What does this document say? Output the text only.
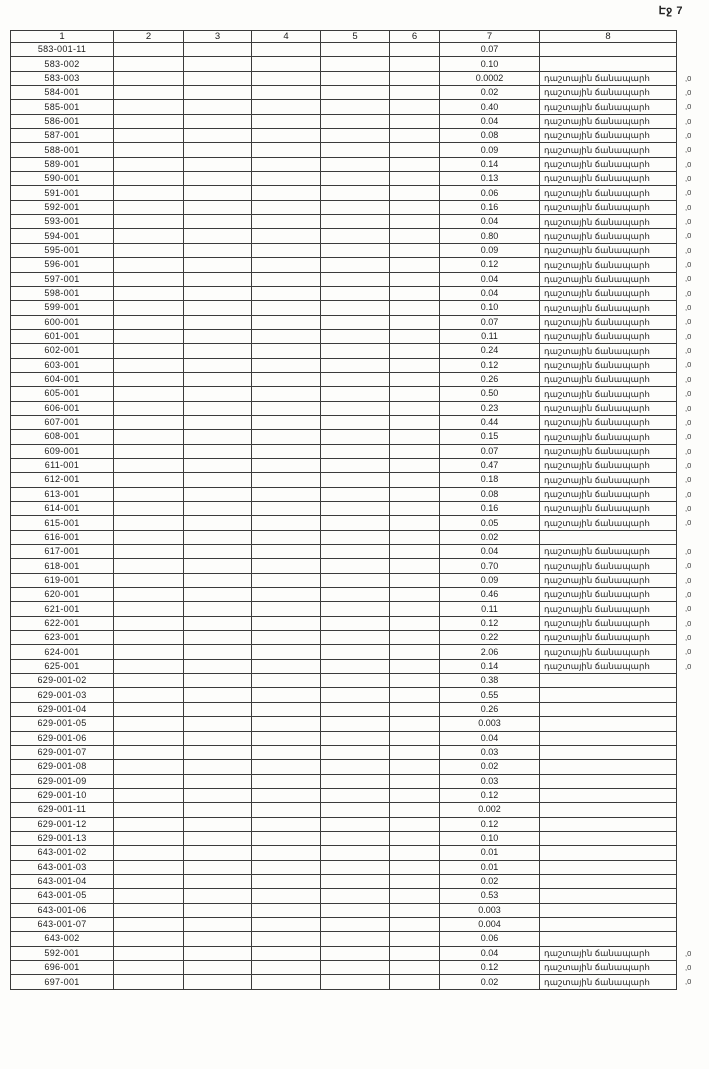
Էջ 7
1	2	3	4	5	6	7	8	
583-001-11						0.07		
583-002						0.10		
583-003						0.0002	դաշտային ճանապարհ	,0
584-001						0.02	դաշտային ճանապարհ	,0
585-001						0.40	դաշտային ճանապարհ	,0
586-001						0.04	դաշտային ճանապարհ	,0
587-001						0.08	դաշտային ճանապարհ	,0
588-001						0.09	դաշտային ճանապարհ	,0
589-001						0.14	դաշտային ճանապարհ	,0
590-001						0.13	դաշտային ճանապարհ	,0
591-001						0.06	դաշտային ճանապարհ	,0
592-001						0.16	դաշտային ճանապարհ	,0
593-001						0.04	դաշտային ճանապարհ	,0
594-001						0.80	դաշտային ճանապարհ	,0
595-001						0.09	դաշտային ճանապարհ	,0
596-001						0.12	դաշտային ճանապարհ	,0
597-001						0.04	դաշտային ճանապարհ	,0
598-001						0.04	դաշտային ճանապարհ	,0
599-001						0.10	դաշտային ճանապարհ	,0
600-001						0.07	դաշտային ճանապարհ	,0
601-001						0.11	դաշտային ճանապարհ	,0
602-001						0.24	դաշտային ճանապարհ	,0
603-001						0.12	դաշտային ճանապարհ	,0
604-001						0.26	դաշտային ճանապարհ	,0
605-001						0.50	դաշտային ճանապարհ	,0
606-001						0.23	դաշտային ճանապարհ	,0
607-001						0.44	դաշտային ճանապարհ	,0
608-001						0.15	դաշտային ճանապարհ	,0
609-001						0.07	դաշտային ճանապարհ	,0
611-001						0.47	դաշտային ճանապարհ	,0
612-001						0.18	դաշտային ճանապարհ	,0
613-001						0.08	դաշտային ճանապարհ	,0
614-001						0.16	դաշտային ճանապարհ	,0
615-001						0.05	դաշտային ճանապարհ	,0
616-001						0.02		
617-001						0.04	դաշտային ճանապարհ	,0
618-001						0.70	դաշտային ճանապարհ	,0
619-001						0.09	դաշտային ճանապարհ	,0
620-001						0.46	դաշտային ճանապարհ	,0
621-001						0.11	դաշտային ճանապարհ	,0
622-001						0.12	դաշտային ճանապարհ	,0
623-001						0.22	դաշտային ճանապարհ	,0
624-001						2.06	դաշտային ճանապարհ	,0
625-001						0.14	դաշտային ճանապարհ	,0
629-001-02						0.38		
629-001-03						0.55		
629-001-04						0.26		
629-001-05						0.003		
629-001-06						0.04		
629-001-07						0.03		
629-001-08						0.02		
629-001-09						0.03		
629-001-10						0.12		
629-001-11						0.002		
629-001-12						0.12		
629-001-13						0.10		
643-001-02						0.01		
643-001-03						0.01		
643-001-04						0.02		
643-001-05						0.53		
643-001-06						0.003		
643-001-07						0.004		
643-002						0.06		
592-001						0.04	դաշտային ճանապարհ	,0
696-001						0.12	դաշտային ճանապարհ	,0
697-001						0.02	դաշտային ճանապարհ	,0
